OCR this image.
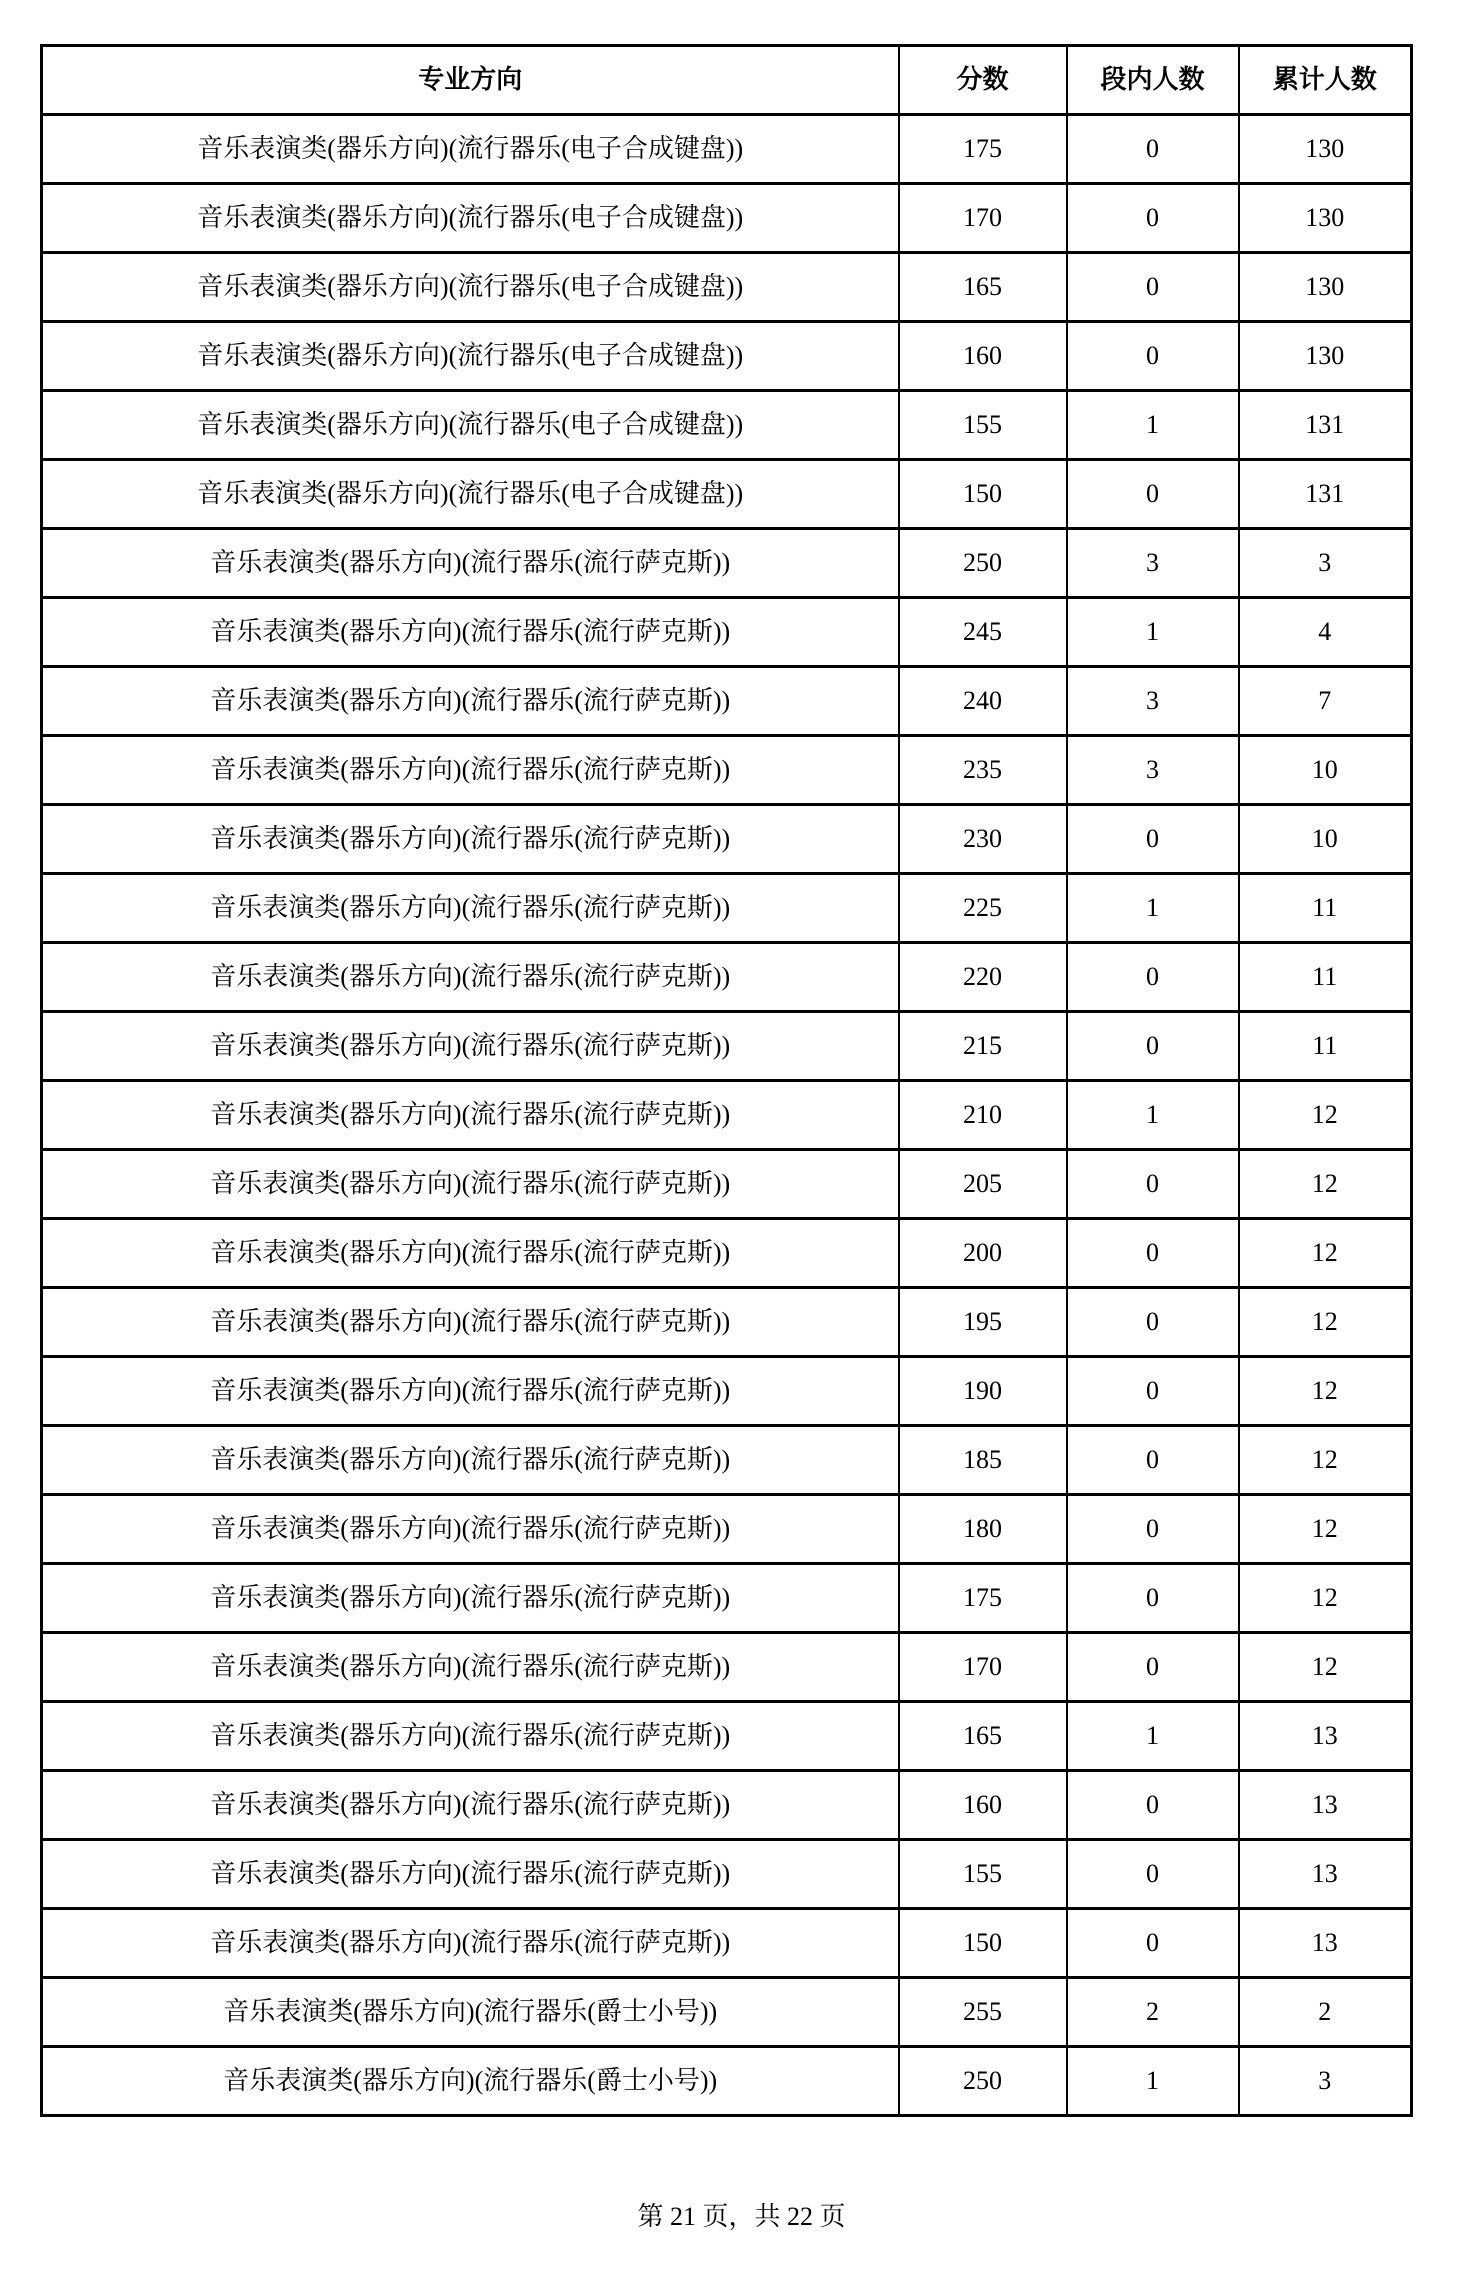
专业方向	分数	段内人数	累计人数
音乐表演类(器乐方向)(流行器乐(电子合成键盘))	175	0	130
音乐表演类(器乐方向)(流行器乐(电子合成键盘))	170	0	130
音乐表演类(器乐方向)(流行器乐(电子合成键盘))	165	0	130
音乐表演类(器乐方向)(流行器乐(电子合成键盘))	160	0	130
音乐表演类(器乐方向)(流行器乐(电子合成键盘))	155	1	131
音乐表演类(器乐方向)(流行器乐(电子合成键盘))	150	0	131
音乐表演类(器乐方向)(流行器乐(流行萨克斯))	250	3	3
音乐表演类(器乐方向)(流行器乐(流行萨克斯))	245	1	4
音乐表演类(器乐方向)(流行器乐(流行萨克斯))	240	3	7
音乐表演类(器乐方向)(流行器乐(流行萨克斯))	235	3	10
音乐表演类(器乐方向)(流行器乐(流行萨克斯))	230	0	10
音乐表演类(器乐方向)(流行器乐(流行萨克斯))	225	1	11
音乐表演类(器乐方向)(流行器乐(流行萨克斯))	220	0	11
音乐表演类(器乐方向)(流行器乐(流行萨克斯))	215	0	11
音乐表演类(器乐方向)(流行器乐(流行萨克斯))	210	1	12
音乐表演类(器乐方向)(流行器乐(流行萨克斯))	205	0	12
音乐表演类(器乐方向)(流行器乐(流行萨克斯))	200	0	12
音乐表演类(器乐方向)(流行器乐(流行萨克斯))	195	0	12
音乐表演类(器乐方向)(流行器乐(流行萨克斯))	190	0	12
音乐表演类(器乐方向)(流行器乐(流行萨克斯))	185	0	12
音乐表演类(器乐方向)(流行器乐(流行萨克斯))	180	0	12
音乐表演类(器乐方向)(流行器乐(流行萨克斯))	175	0	12
音乐表演类(器乐方向)(流行器乐(流行萨克斯))	170	0	12
音乐表演类(器乐方向)(流行器乐(流行萨克斯))	165	1	13
音乐表演类(器乐方向)(流行器乐(流行萨克斯))	160	0	13
音乐表演类(器乐方向)(流行器乐(流行萨克斯))	155	0	13
音乐表演类(器乐方向)(流行器乐(流行萨克斯))	150	0	13
音乐表演类(器乐方向)(流行器乐(爵士小号))	255	2	2
音乐表演类(器乐方向)(流行器乐(爵士小号))	250	1	3
第 21 页，共 22 页
